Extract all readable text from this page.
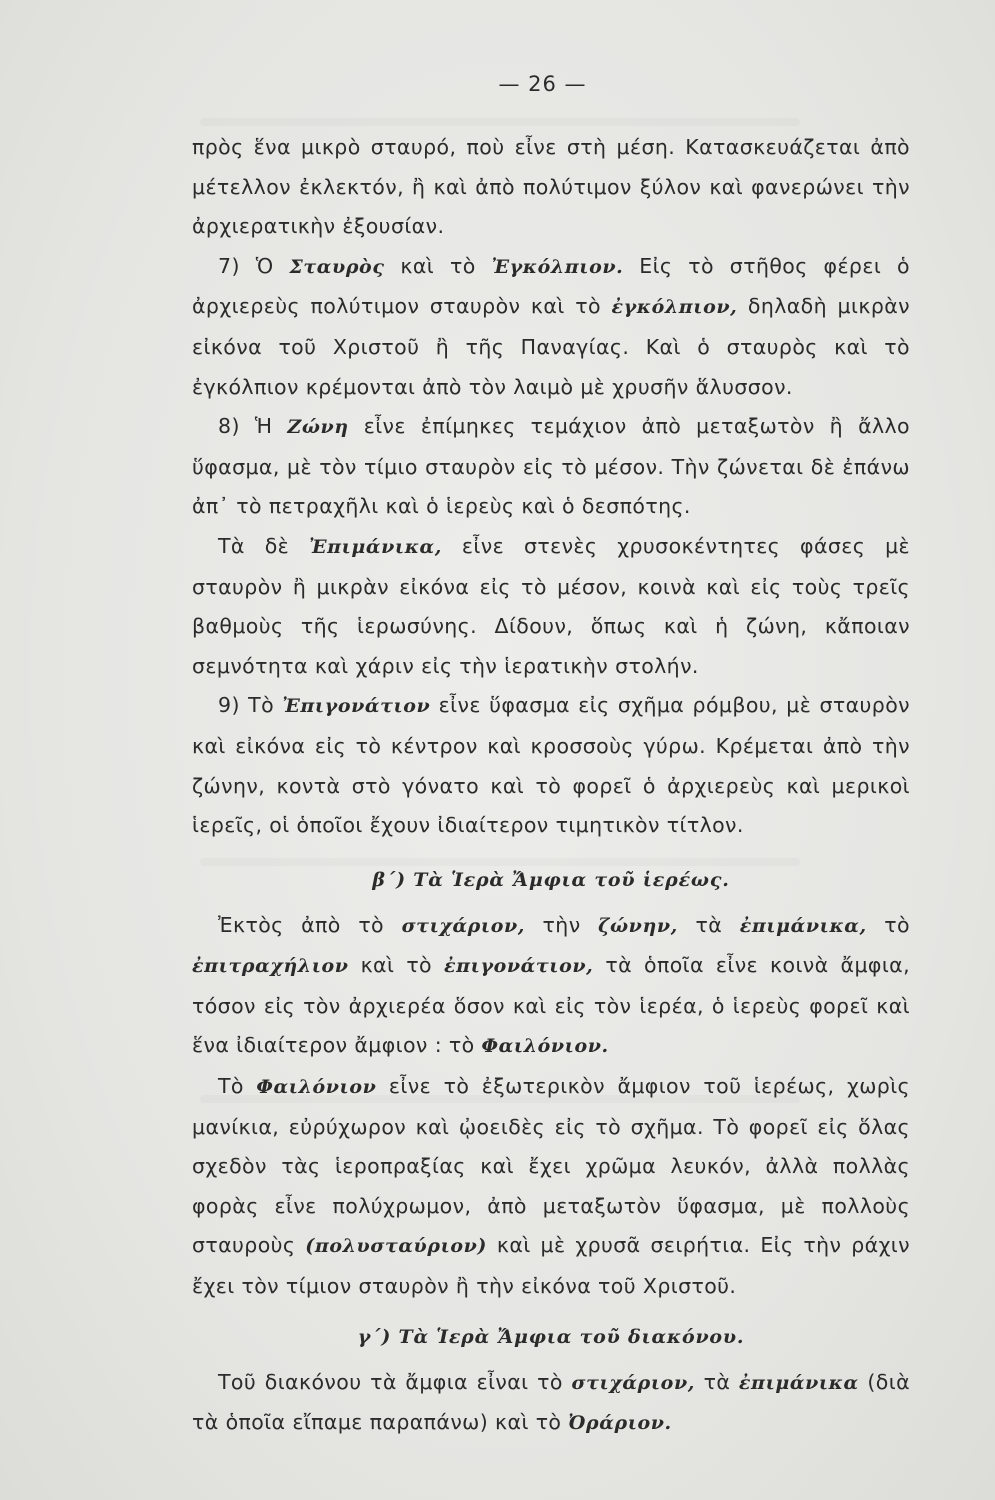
— 26 —

πρὸς ἕνα μικρὸ σταυρό, ποὺ εἶνε στὴ μέση. Κατασκευάζεται ἀπὸ μέτελλον ἐκλεκτόν, ἢ καὶ ἀπὸ πολύτιμον ξύλον καὶ φανερώνει τὴν ἀρχιερατικὴν ἐξουσίαν.

7) Ὁ Σταυρὸς καὶ τὸ Ἐγκόλπιον. Εἰς τὸ στῆθος φέρει ὁ ἀρχιερεὺς πολύτιμον σταυρὸν καὶ τὸ ἐγκόλπιον, δηλαδὴ μικρὰν εἰκόνα τοῦ Χριστοῦ ἢ τῆς Παναγίας. Καὶ ὁ σταυρὸς καὶ τὸ ἐγκόλπιον κρέμονται ἀπὸ τὸν λαιμὸ μὲ χρυσῆν ἅλυσσον.

8) Ἡ Ζώνη εἶνε ἐπίμηκες τεμάχιον ἀπὸ μεταξωτὸν ἢ ἄλλο ὕφασμα, μὲ τὸν τίμιο σταυρὸν εἰς τὸ μέσον. Τὴν ζώνεται δὲ ἐπάνω ἀπ᾽ τὸ πετραχῆλι καὶ ὁ ἱερεὺς καὶ ὁ δεσπότης.

Τὰ δὲ Ἐπιμάνικα, εἶνε στενὲς χρυσοκέντητες φάσες μὲ σταυρὸν ἢ μικρὰν εἰκόνα εἰς τὸ μέσον, κοινὰ καὶ εἰς τοὺς τρεῖς βαθμοὺς τῆς ἱερωσύνης. Δίδουν, ὅπως καὶ ἡ ζώνη, κἄποιαν σεμνότητα καὶ χάριν εἰς τὴν ἱερατικὴν στολήν.

9) Τὸ Ἐπιγονάτιον εἶνε ὕφασμα εἰς σχῆμα ρόμβου, μὲ σταυρὸν καὶ εἰκόνα εἰς τὸ κέντρον καὶ κροσσοὺς γύρω. Κρέμεται ἀπὸ τὴν ζώνην, κοντὰ στὸ γόνατο καὶ τὸ φορεῖ ὁ ἀρχιερεὺς καὶ μερικοὶ ἱερεῖς, οἱ ὁποῖοι ἔχουν ἰδιαίτερον τιμητικὸν τίτλον.

β΄) Τὰ Ἱερὰ Ἄμφια τοῦ ἱερέως.

Ἐκτὸς ἀπὸ τὸ στιχάριον, τὴν ζώνην, τὰ ἐπιμάνικα, τὸ ἐπιτραχήλιον καὶ τὸ ἐπιγονάτιον, τὰ ὁποῖα εἶνε κοινὰ ἄμφια, τόσον εἰς τὸν ἀρχιερέα ὅσον καὶ εἰς τὸν ἱερέα, ὁ ἱερεὺς φορεῖ καὶ ἕνα ἰδιαίτερον ἄμφιον : τὸ Φαιλόνιον.

Τὸ Φαιλόνιον εἶνε τὸ ἐξωτερικὸν ἄμφιον τοῦ ἱερέως, χωρὶς μανίκια, εὐρύχωρον καὶ ᾠοειδὲς εἰς τὸ σχῆμα. Τὸ φορεῖ εἰς ὅλας σχεδὸν τὰς ἱεροπραξίας καὶ ἔχει χρῶμα λευκόν, ἀλλὰ πολλὰς φορὰς εἶνε πολύχρωμον, ἀπὸ μεταξωτὸν ὕφασμα, μὲ πολλοὺς σταυροὺς (πολυσταύριον) καὶ μὲ χρυσᾶ σειρήτια. Εἰς τὴν ράχιν ἔχει τὸν τίμιον σταυρὸν ἢ τὴν εἰκόνα τοῦ Χριστοῦ.

γ΄) Τὰ Ἱερὰ Ἄμφια τοῦ διακόνου.

Τοῦ διακόνου τὰ ἄμφια εἶναι τὸ στιχάριον, τὰ ἐπιμάνικα (διὰ τὰ ὁποῖα εἴπαμε παραπάνω) καὶ τὸ Ὀράριον.
